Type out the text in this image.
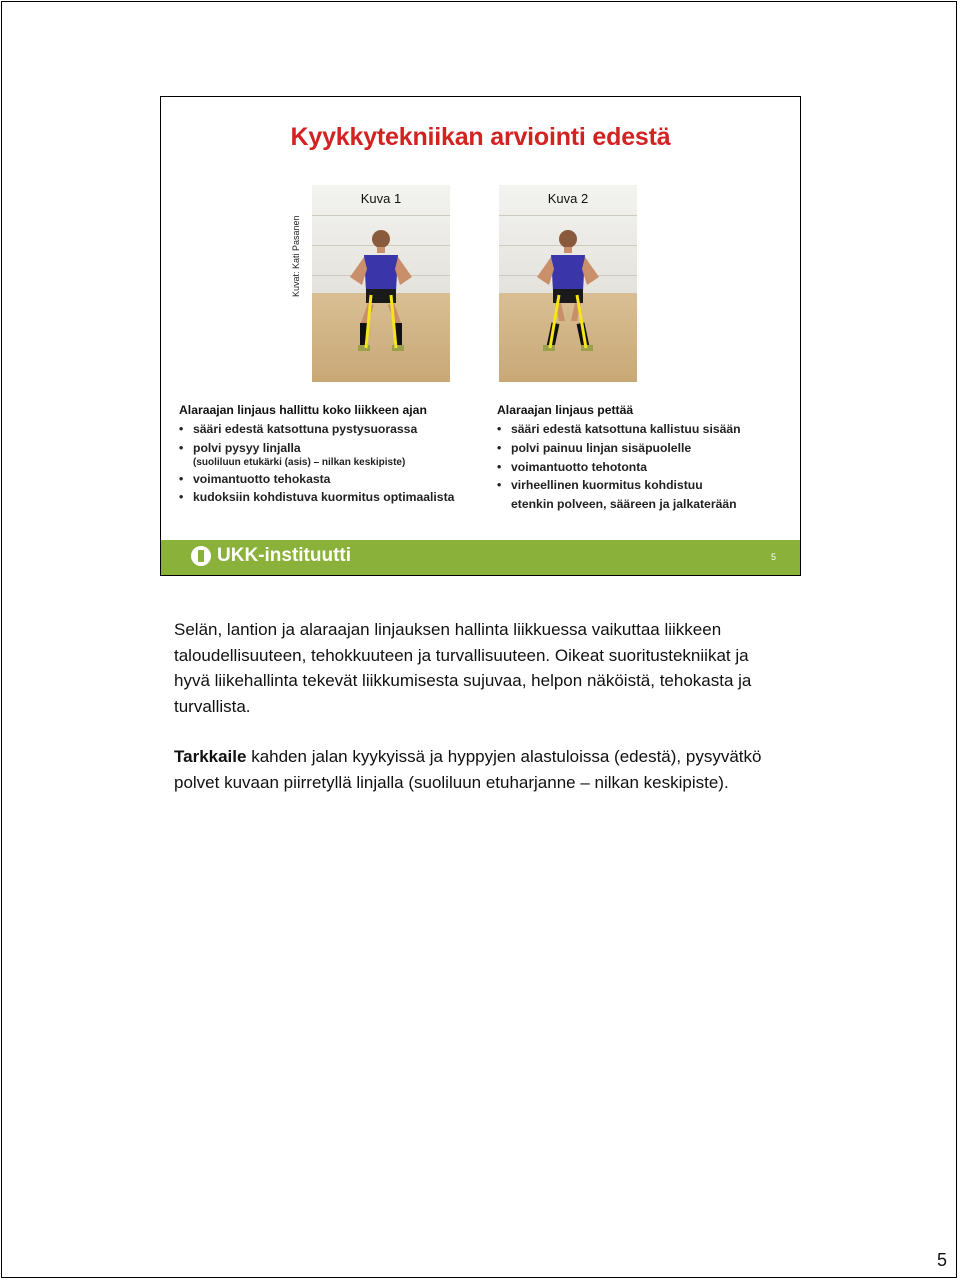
Kyykkytekniikan arviointi edestä
Kuva 1
Kuvat: Kati Pasanen
Kuva 2
Alaraajan linjaus hallittu koko liikkeen ajan
• sääri edestä katsottuna pystysuorassa
• polvi pysyy linjalla
(suoliluun etukärki (asis) – nilkan keskipiste)
• voimantuotto tehokasta
• kudoksiin kohdistuva kuormitus optimaalista
Alaraajan linjaus pettää
• sääri edestä katsottuna kallistuu sisään
• polvi painuu linjan sisäpuolelle
• voimantuotto tehotonta
• virheellinen kuormitus kohdistuu
etenkin polveen, sääreen ja jalkaterään
UKK-instituutti	5

Selän, lantion ja alaraajan linjauksen hallinta liikkuessa vaikuttaa liikkeen taloudellisuuteen, tehokkuuteen ja turvallisuuteen. Oikeat suoritustekniikat ja hyvä liikehallinta tekevät liikkumisesta sujuvaa, helpon näköistä, tehokasta ja turvallista.

Tarkkaile kahden jalan kyykyissä ja hyppyjen alastuloissa (edestä), pysyvätkö polvet kuvaan piirretyllä linjalla (suoliluun etuharjanne – nilkan keskipiste).

5
